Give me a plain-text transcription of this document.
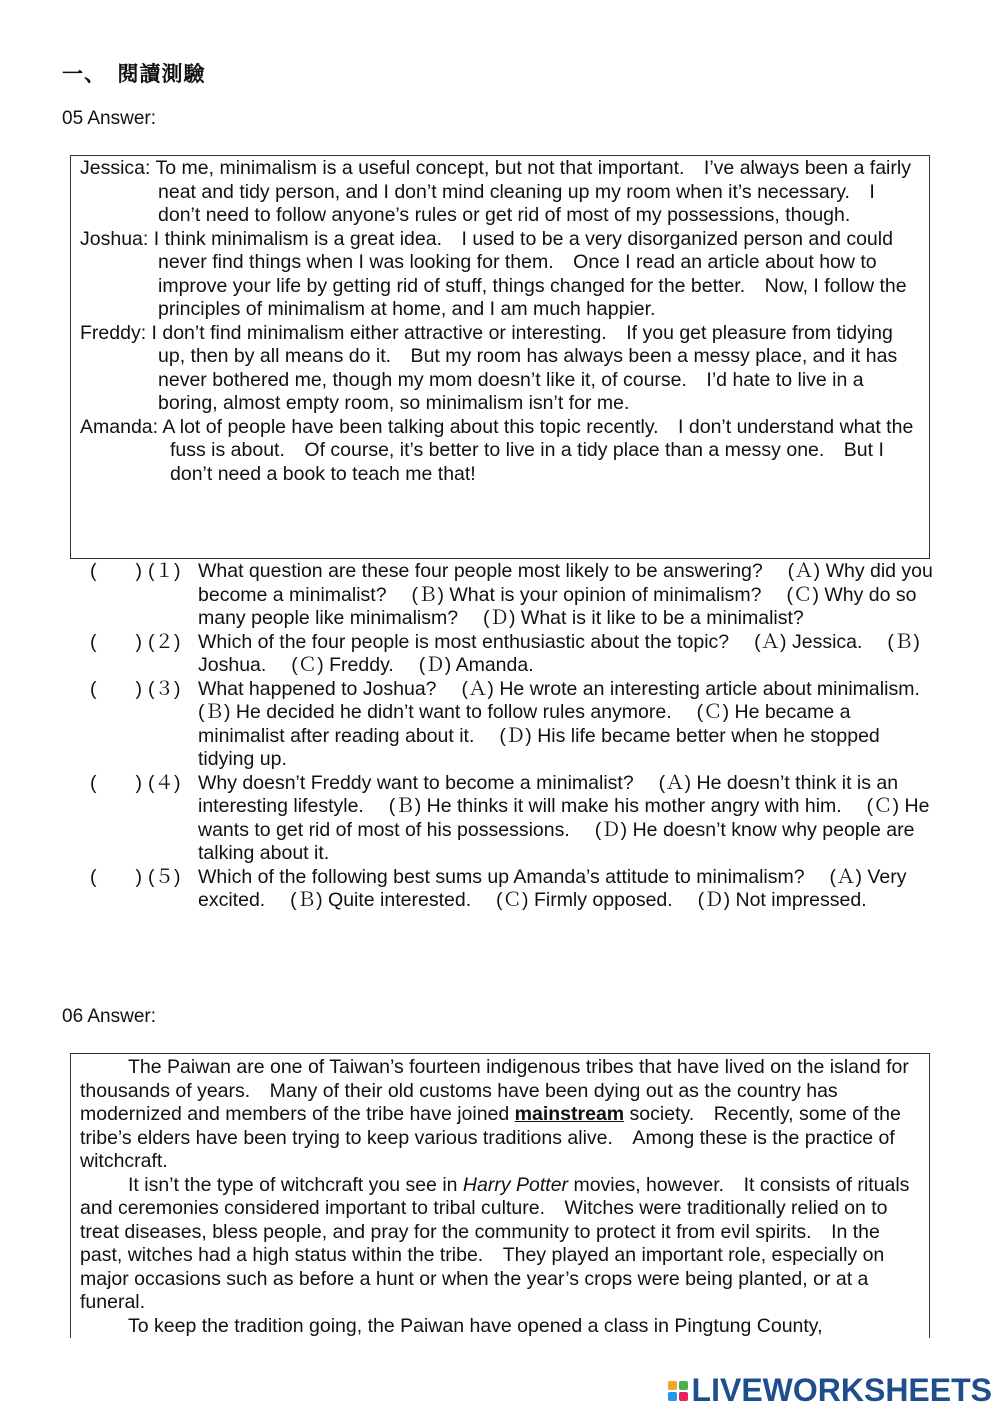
一、　閱讀測驗
05 Answer:

Jessica: To me, minimalism is a useful concept, but not that important.　I’ve always been a fairly neat and tidy person, and I don’t mind cleaning up my room when it’s necessary.　I don’t need to follow anyone’s rules or get rid of most of my possessions, though.

Joshua: I think minimalism is a great idea.　I used to be a very disorganized person and could never find things when I was looking for them.　Once I read an article about how to improve your life by getting rid of stuff, things changed for the better.　Now, I follow the principles of minimalism at home, and I am much happier.

Freddy: I don’t find minimalism either attractive or interesting.　If you get pleasure from tidying up, then by all means do it.　But my room has always been a messy place, and it has never bothered me, though my mom doesn’t like it, of course.　I’d hate to live in a boring, almost empty room, so minimalism isn’t for me.

Amanda: A lot of people have been talking about this topic recently.　I don’t understand what the fuss is about.　Of course, it’s better to live in a tidy place than a messy one.　But I don’t need a book to teach me that!

(　　) (１) What question are these four people most likely to be answering?　 (Ａ) Why did you become a minimalist?　 (Ｂ) What is your opinion of minimalism?　 (Ｃ) Why do so many people like minimalism?　 (Ｄ) What is it like to be a minimalist?

(　　) (２) Which of the four people is most enthusiastic about the topic?　 (Ａ) Jessica.　 (Ｂ) Joshua.　 (Ｃ) Freddy.　 (Ｄ) Amanda.

(　　) (３) What happened to Joshua?　 (Ａ) He wrote an interesting article about minimalism.　 (Ｂ) He decided he didn’t want to follow rules anymore.　 (Ｃ) He became a minimalist after reading about it.　 (Ｄ) His life became better when he stopped tidying up.

(　　) (４) Why doesn’t Freddy want to become a minimalist?　 (Ａ) He doesn’t think it is an interesting lifestyle.　 (Ｂ) He thinks it will make his mother angry with him.　 (Ｃ) He wants to get rid of most of his possessions.　 (Ｄ) He doesn’t know why people are talking about it.

(　　) (５) Which of the following best sums up Amanda’s attitude to minimalism?　 (Ａ) Very excited.　 (Ｂ) Quite interested.　 (Ｃ) Firmly opposed.　 (Ｄ) Not impressed.

06 Answer:

The Paiwan are one of Taiwan’s fourteen indigenous tribes that have lived on the island for thousands of years.　Many of their old customs have been dying out as the country has modernized and members of the tribe have joined mainstream society.　Recently, some of the tribe’s elders have been trying to keep various traditions alive.　Among these is the practice of witchcraft.

It isn’t the type of witchcraft you see in Harry Potter movies, however.　It consists of rituals and ceremonies considered important to tribal culture.　Witches were traditionally relied on to treat diseases, bless people, and pray for the community to protect it from evil spirits.　In the past, witches had a high status within the tribe.　They played an important role, especially on major occasions such as before a hunt or when the year’s crops were being planted, or at a funeral.

To keep the tradition going, the Paiwan have opened a class in Pingtung County,

LIVEWORKSHEETS
